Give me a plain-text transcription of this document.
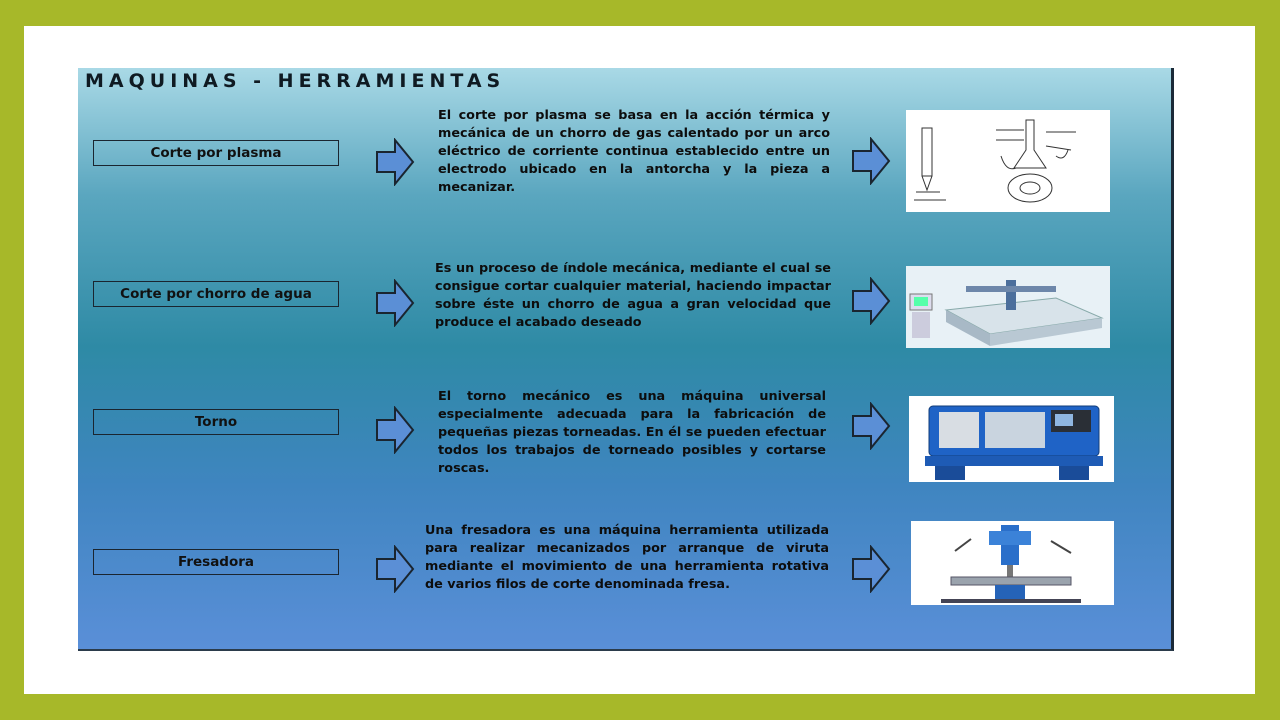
MAQUINAS - HERRAMIENTAS
Corte por plasma

El corte por plasma se basa en la acción térmica y mecánica de un chorro de gas calentado por un arco eléctrico de corriente continua establecido entre un electrodo ubicado en la antorcha y la pieza a mecanizar.

Corte por chorro de agua

Es un proceso de índole mecánica, mediante el cual se consigue cortar cualquier material, haciendo impactar sobre éste un chorro de agua a gran velocidad que produce el acabado deseado

Torno

El torno mecánico es una máquina universal especialmente adecuada para la fabricación de pequeñas piezas torneadas. En él se pueden efectuar todos los trabajos de torneado posibles y cortarse roscas.

Fresadora

Una fresadora es una máquina herramienta utilizada para realizar mecanizados por arranque de viruta mediante el movimiento de una herramienta rotativa de varios filos de corte denominada fresa.
